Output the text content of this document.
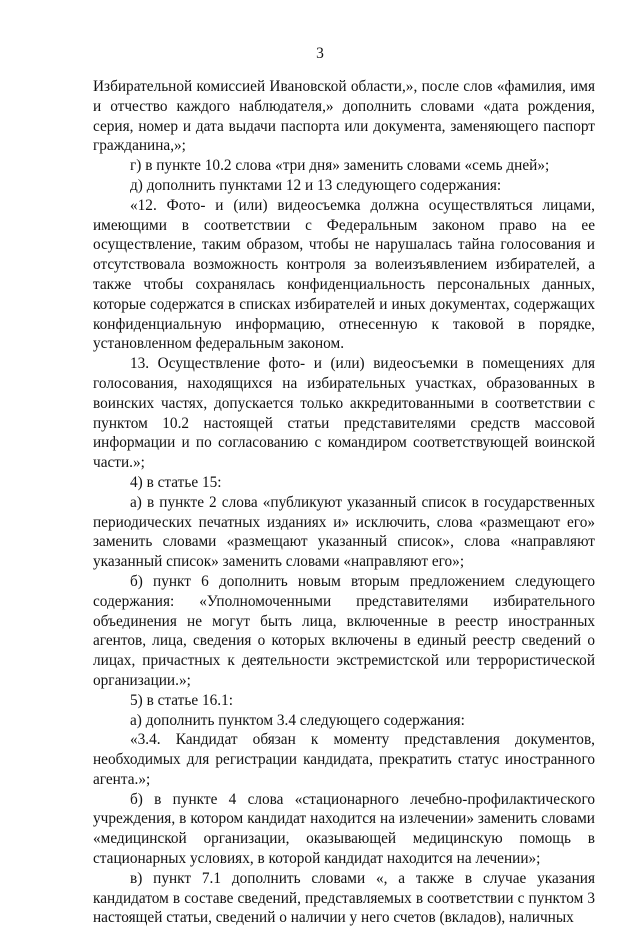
3

Избирательной комиссией Ивановской области,», после слов «фамилия, имя и отчество каждого наблюдателя,» дополнить словами «дата рождения, серия, номер и дата выдачи паспорта или документа, заменяющего паспорт гражданина,»;

г) в пункте 10.2 слова «три дня» заменить словами «семь дней»;

д) дополнить пунктами 12 и 13 следующего содержания:

«12. Фото- и (или) видеосъемка должна осуществляться лицами, имеющими в соответствии с Федеральным законом право на ее осуществление, таким образом, чтобы не нарушалась тайна голосования и отсутствовала возможность контроля за волеизъявлением избирателей, а также чтобы сохранялась конфиденциальность персональных данных, которые содержатся в списках избирателей и иных документах, содержащих конфиденциальную информацию, отнесенную к таковой в порядке, установленном федеральным законом.

13. Осуществление фото- и (или) видеосъемки в помещениях для голосования, находящихся на избирательных участках, образованных в воинских частях, допускается только аккредитованными в соответствии с пунктом 10.2 настоящей статьи представителями средств массовой информации и по согласованию с командиром соответствующей воинской части.»;

4) в статье 15:

а) в пункте 2 слова «публикуют указанный список в государственных периодических печатных изданиях и» исключить, слова «размещают его» заменить словами «размещают указанный список», слова «направляют указанный список» заменить словами «направляют его»;

б) пункт 6 дополнить новым вторым предложением следующего содержания: «Уполномоченными представителями избирательного объединения не могут быть лица, включенные в реестр иностранных агентов, лица, сведения о которых включены в единый реестр сведений о лицах, причастных к деятельности экстремистской или террористической организации.»;

5) в статье 16.1:

а) дополнить пунктом 3.4 следующего содержания:

«3.4. Кандидат обязан к моменту представления документов, необходимых для регистрации кандидата, прекратить статус иностранного агента.»;

б) в пункте 4 слова «стационарного лечебно-профилактического учреждения, в котором кандидат находится на излечении» заменить словами «медицинской организации, оказывающей медицинскую помощь в стационарных условиях, в которой кандидат находится на лечении»;

в) пункт 7.1 дополнить словами «, а также в случае указания кандидатом в составе сведений, представляемых в соответствии с пунктом 3 настоящей статьи, сведений о наличии у него счетов (вкладов), наличных
